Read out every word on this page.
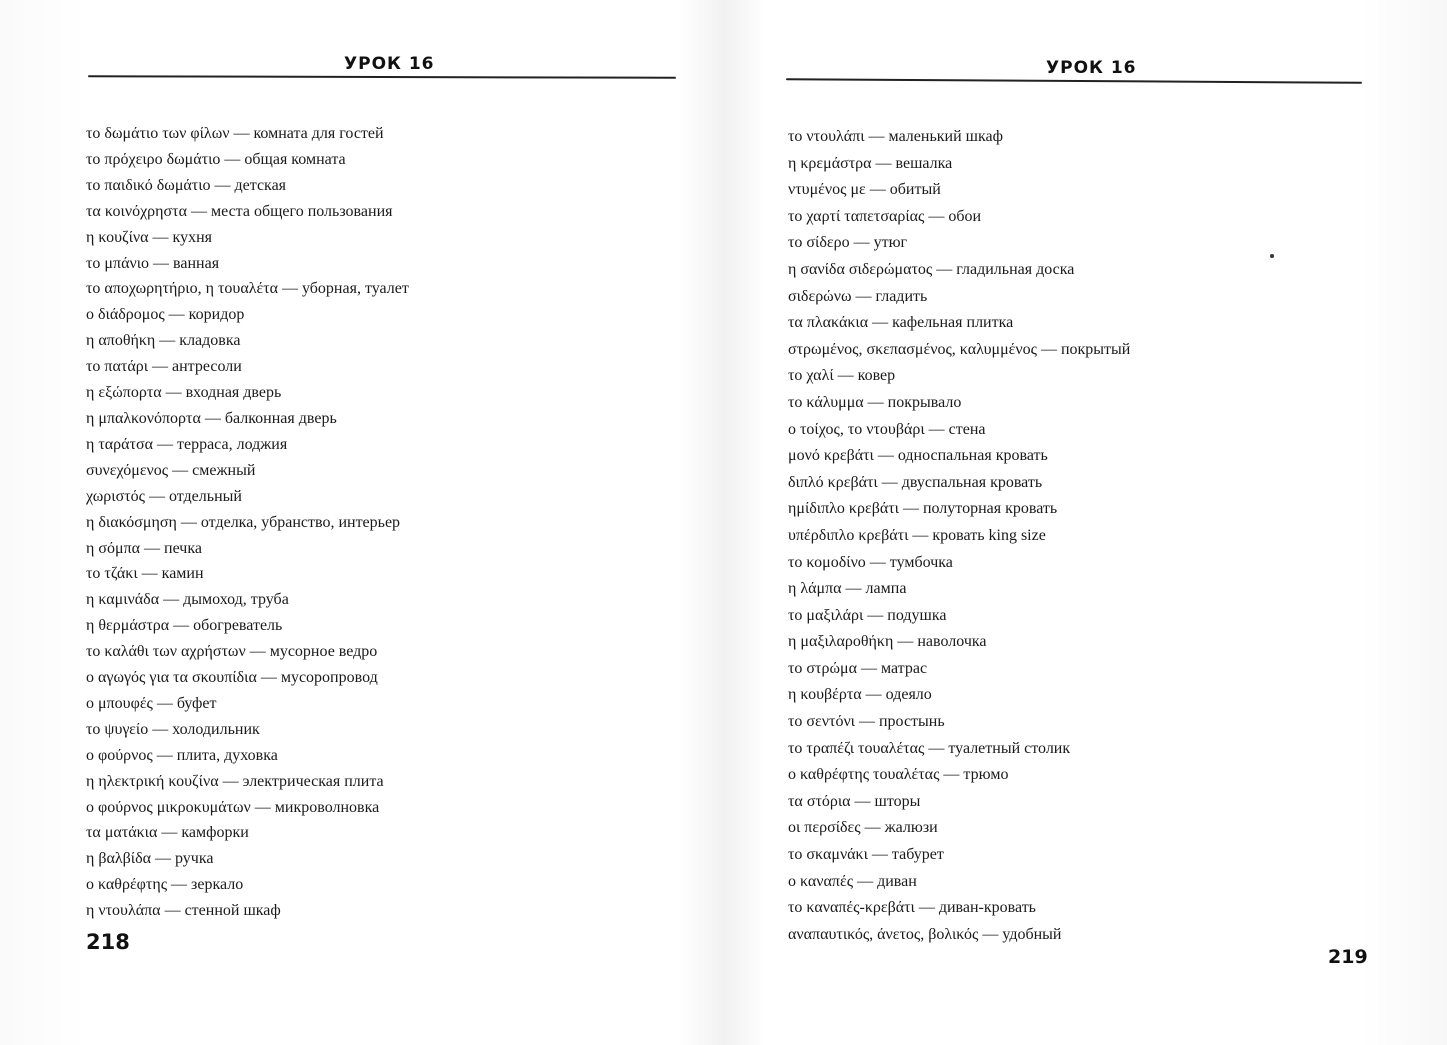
УРОК 16
το δωμάτιο των φίλων — комната для гостей
το πρόχειρο δωμάτιο — общая комната
το παιδικό δωμάτιο — детская
τα κοινόχρηστα — места общего пользования
η κουζίνα — кухня
το μπάνιο — ванная
το αποχωρητήριο, η τουαλέτα — уборная, туалет
ο διάδρομος — коридор
η αποθήκη — кладовка
το πατάρι — антресоли
η εξώπορτα — входная дверь
η μπαλκονόπορτα — балконная дверь
η ταράτσα — терраса, лоджия
συνεχόμενος — смежный
χωριστός — отдельный
η διακόσμηση — отделка, убранство, интерьер
η σόμπα — печка
το τζάκι — камин
η καμινάδα — дымоход, труба
η θερμάστρα — обогреватель
το καλάθι των αχρήστων — мусорное ведро
ο αγωγός για τα σκουπίδια — мусоропровод
ο μπουφές — буфет
το ψυγείο — холодильник
ο φούρνος — плита, духовка
η ηλεκτρική κουζίνα — электрическая плита
ο φούρνος μικροκυμάτων — микроволновка
τα ματάκια — камфорки
η βαλβίδα — ручка
ο καθρέφτης — зеркало
η ντουλάπα — стенной шкаф
218
УРОК 16
το ντουλάπι — маленький шкаф
η κρεμάστρα — вешалка
ντυμένος με — обитый
το χαρτί ταπετσαρίας — обои
το σίδερο — утюг
η σανίδα σιδερώματος — гладильная доска
σιδερώνω — гладить
τα πλακάκια — кафельная плитка
στρωμένος, σκεπασμένος, καλυμμένος — покрытый
το χαλί — ковер
το κάλυμμα — покрывало
ο τοίχος, το ντουβάρι — стена
μονό κρεβάτι — односпальная кровать
διπλό κρεβάτι — двуспальная кровать
ημίδιπλο κρεβάτι — полуторная кровать
υπέρδιπλο κρεβάτι — кровать king size
το κομοδίνο — тумбочка
η λάμπα — лампа
το μαξιλάρι — подушка
η μαξιλαροθήκη — наволочка
το στρώμα — матрас
η κουβέρτα — одеяло
το σεντόνι — простынь
το τραπέζι τουαλέτας — туалетный столик
ο καθρέφτης τουαλέτας — трюмо
τα στόρια — шторы
οι περσίδες — жалюзи
το σκαμνάκι — табурет
ο καναπές — диван
το καναπές-κρεβάτι — диван-кровать
αναπαυτικός, άνετος, βολικός — удобный
219
